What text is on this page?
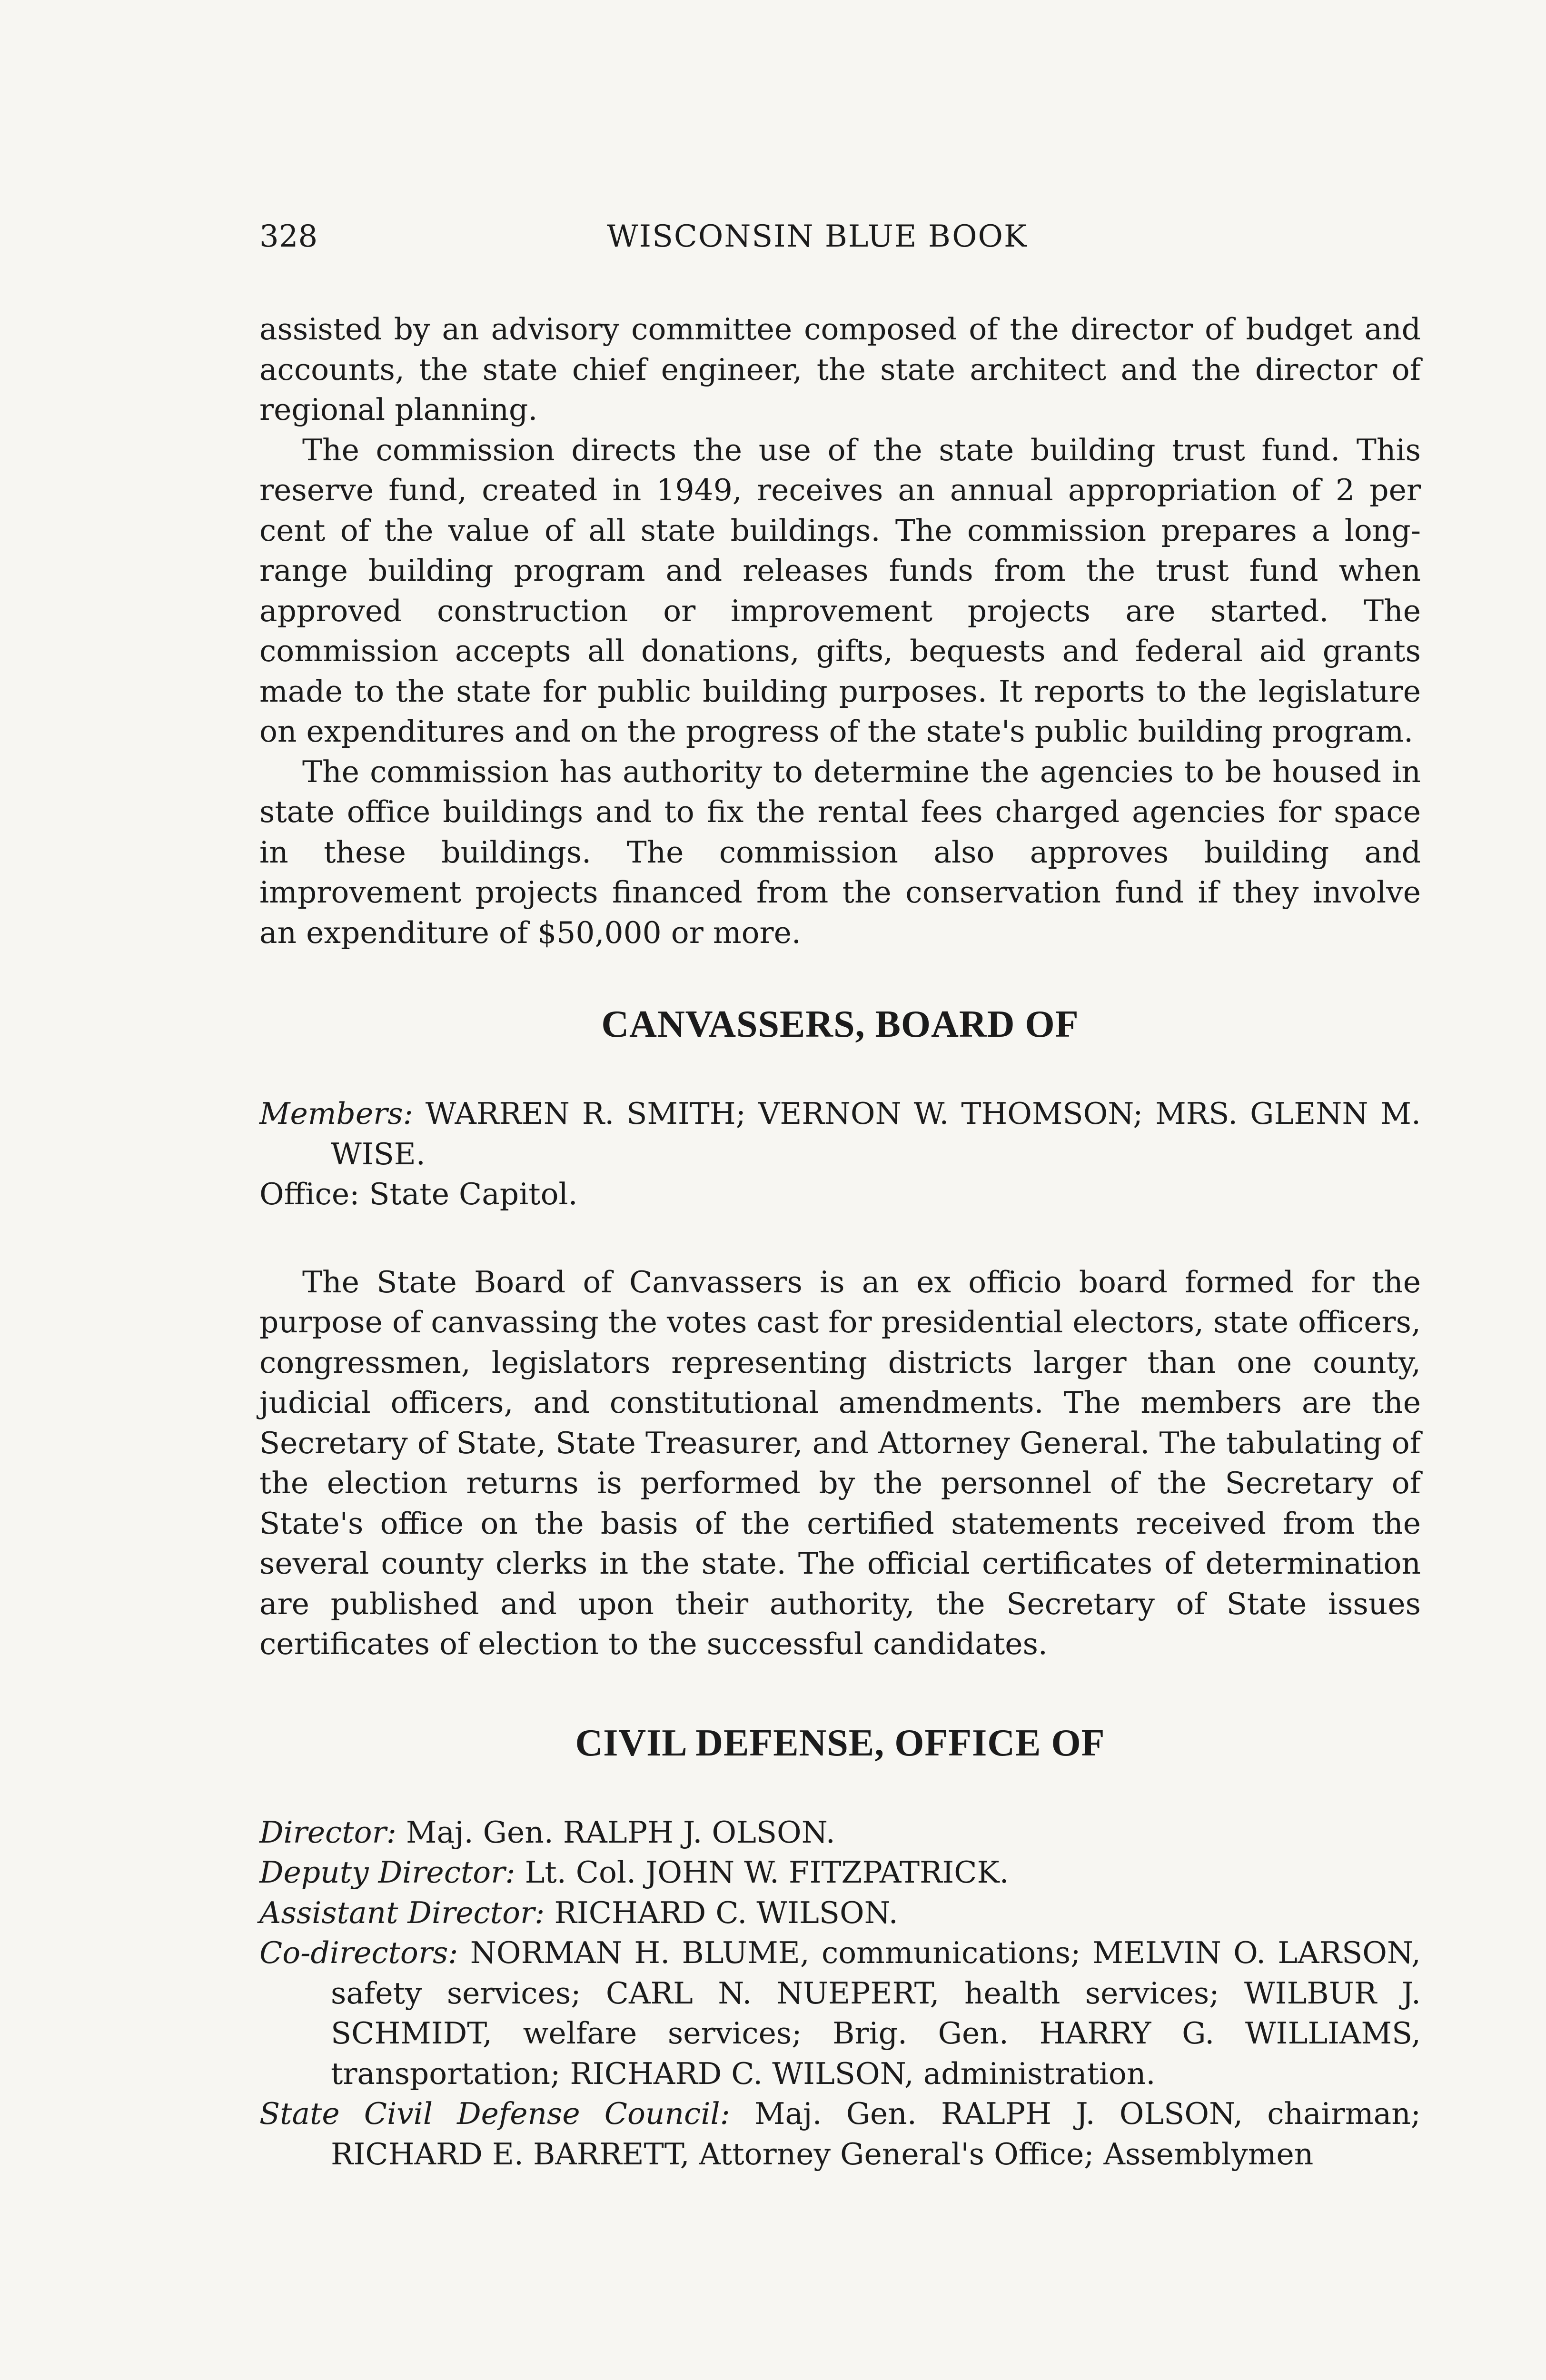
328	WISCONSIN BLUE BOOK

assisted by an advisory committee composed of the director of budget and accounts, the state chief engineer, the state architect and the director of regional planning.

The commission directs the use of the state building trust fund. This reserve fund, created in 1949, receives an annual appropriation of 2 per cent of the value of all state buildings. The commission prepares a long-range building program and releases funds from the trust fund when approved construction or improvement projects are started. The commission accepts all donations, gifts, bequests and federal aid grants made to the state for public building purposes. It reports to the legislature on expenditures and on the progress of the state's public building program.

The commission has authority to determine the agencies to be housed in state office buildings and to fix the rental fees charged agencies for space in these buildings. The commission also approves building and improvement projects financed from the conservation fund if they involve an expenditure of $50,000 or more.

CANVASSERS, BOARD OF

Members: WARREN R. SMITH; VERNON W. THOMSON; MRS. GLENN M. WISE.

Office: State Capitol.

The State Board of Canvassers is an ex officio board formed for the purpose of canvassing the votes cast for presidential electors, state officers, congressmen, legislators representing districts larger than one county, judicial officers, and constitutional amendments. The members are the Secretary of State, State Treasurer, and Attorney General. The tabulating of the election returns is performed by the personnel of the Secretary of State's office on the basis of the certified statements received from the several county clerks in the state. The official certificates of determination are published and upon their authority, the Secretary of State issues certificates of election to the successful candidates.

CIVIL DEFENSE, OFFICE OF

Director: Maj. Gen. RALPH J. OLSON.

Deputy Director: Lt. Col. JOHN W. FITZPATRICK.

Assistant Director: RICHARD C. WILSON.

Co-directors: NORMAN H. BLUME, communications; MELVIN O. LARSON, safety services; CARL N. NUEPERT, health services; WILBUR J. SCHMIDT, welfare services; Brig. Gen. HARRY G. WILLIAMS, transportation; RICHARD C. WILSON, administration.

State Civil Defense Council: Maj. Gen. RALPH J. OLSON, chairman; RICHARD E. BARRETT, Attorney General's Office; Assemblymen
